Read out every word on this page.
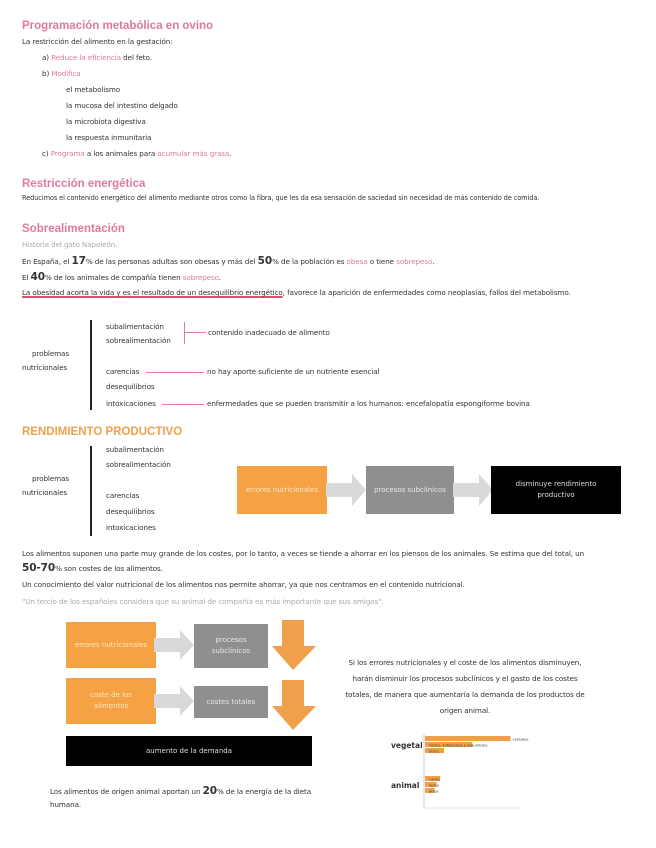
Programación metabólica en ovino
La restricción del alimento en la gestación:
a) Reduce la eficiencia del feto.
b) Modifica
el metabolismo
la mucosa del intestino delgado
la microbiota digestiva
la respuesta inmunitaria
c) Programa a los animales para acumular más grasa.
Restricción energética
Reducimos el contenido energético del alimento mediante otros como la fibra, que les da esa sensación de saciedad sin necesidad de más contenido de comida.
Sobrealimentación
Historia del gato Napoleón.
En España, el 17% de las personas adultas son obesas y más del 50% de la población es obesa o tiene sobrepeso.
El 40% de los animales de compañía tienen sobrepeso.
La obesidad acorta la vida y es el resultado de un desequilibrio energético, favorece la aparición de enfermedades como neoplasias, fallos del metabolismo.
problemas
nutricionales
subalimentación
sobrealimentación
contenido inadecuado de alimento
carencias	no hay aporte suficiente de un nutriente esencial
desequilibrios
intoxicaciones	enfermedades que se pueden transmitir a los humanos: encefalopatía espongiforme bovina
RENDIMIENTO PRODUCTIVO
subalimentación
sobrealimentación
problemas
nutricionales	carencias
desequilibrios
intoxicaciones
errores nutricionales	procesos subclínicos
disminuye rendimiento productivo
Los alimentos suponen una parte muy grande de los costes, por lo tanto, a veces se tiende a ahorrar en los piensos de los animales. Se estima que del total, un
50-70% son costes de los alimentos.
Un conocimiento del valor nutricional de los alimentos nos permite ahorrar, ya que nos centramos en el contenido nutricional.
"Un tercio de los españoles considera que su animal de compañía es más importante que sus amigos".
errores nutricionales
procesos subclínicos
coste de los alimentos
costes totales
aumento de la demanda
Si los errores nutricionales y el coste de los alimentos disminuyen,
harán disminuir los procesos subclínicos y el gasto de los costes
totales, de manera que aumentaría la demanda de los productos de
origen animal.
Los alimentos de origen animal aportan un 20% de la energía de la dieta
humana.
vegetal
animal
cereales
raíces, tubérculos y legumbres
otros
carne
leche
otros
